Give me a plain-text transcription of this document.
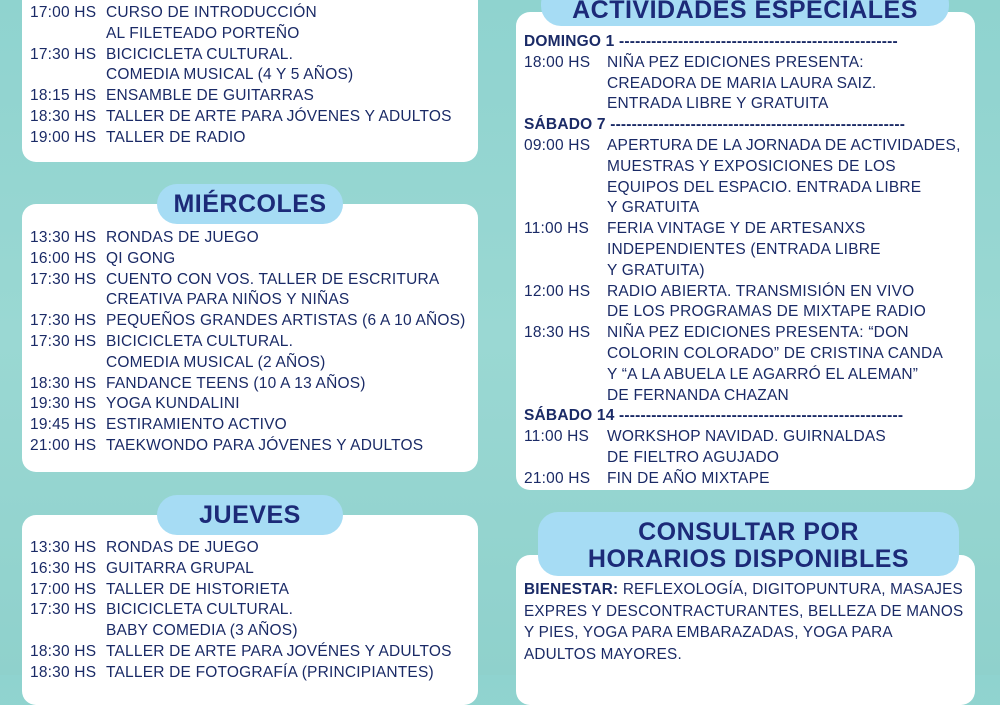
17:00 HS CURSO DE INTRODUCCIÓN
AL FILETEADO PORTEÑO
17:30 HS BICICICLETA CULTURAL.
COMEDIA MUSICAL (4 Y 5 AÑOS)
18:15 HS ENSAMBLE DE GUITARRAS
18:30 HS TALLER DE ARTE PARA JÓVENES Y ADULTOS
19:00 HS TALLER DE RADIO
13:30 HS RONDAS DE JUEGO
16:00 HS QI GONG
17:30 HS CUENTO CON VOS. TALLER DE ESCRITURA
CREATIVA PARA NIÑOS Y NIÑAS
17:30 HS PEQUEÑOS GRANDES ARTISTAS (6 A 10 AÑOS)
17:30 HS BICICICLETA CULTURAL.
COMEDIA MUSICAL (2 AÑOS)
18:30 HS FANDANCE TEENS (10 A 13 AÑOS)
19:30 HS YOGA KUNDALINI
19:45 HS ESTIRAMIENTO ACTIVO
21:00 HS TAEKWONDO PARA JÓVENES Y ADULTOS
MIÉRCOLES
13:30 HS RONDAS DE JUEGO
16:30 HS GUITARRA GRUPAL
17:00 HS TALLER DE HISTORIETA
17:30 HS BICICICLETA CULTURAL.
BABY COMEDIA (3 AÑOS)
18:30 HS TALLER DE ARTE PARA JOVÉNES Y ADULTOS
18:30 HS TALLER DE FOTOGRAFÍA (PRINCIPIANTES)
JUEVES
DOMINGO 1 ----------------------------------------------------
18:00 HS	NIÑA PEZ EDICIONES PRESENTA:
CREADORA DE MARIA LAURA SAIZ.
ENTRADA LIBRE Y GRATUITA
SÁBADO 7 -------------------------------------------------------
09:00 HS	APERTURA DE LA JORNADA DE ACTIVIDADES,
MUESTRAS Y EXPOSICIONES DE LOS
EQUIPOS DEL ESPACIO. ENTRADA LIBRE
Y GRATUITA
11:00 HS	FERIA VINTAGE Y DE ARTESANXS
INDEPENDIENTES (ENTRADA LIBRE
Y GRATUITA)
12:00 HS	RADIO ABIERTA. TRANSMISIÓN EN VIVO
DE LOS PROGRAMAS DE MIXTAPE RADIO
18:30 HS	NIÑA PEZ EDICIONES PRESENTA: “DON
COLORIN COLORADO” DE CRISTINA CANDA
Y “A LA ABUELA LE AGARRÓ EL ALEMAN”
DE FERNANDA CHAZAN
SÁBADO 14 -----------------------------------------------------
11:00 HS	WORKSHOP NAVIDAD. GUIRNALDAS
DE FIELTRO AGUJADO
21:00 HS	FIN DE AÑO MIXTAPE
ACTIVIDADES ESPECIALES
BIENESTAR: REFLEXOLOGÍA, DIGITOPUNTURA, MASAJES EXPRES Y DESCONTRACTURANTES, BELLEZA DE MANOS Y PIES, YOGA PARA EMBARAZADAS, YOGA PARA ADULTOS MAYORES.
CONSULTAR POR
HORARIOS DISPONIBLES
